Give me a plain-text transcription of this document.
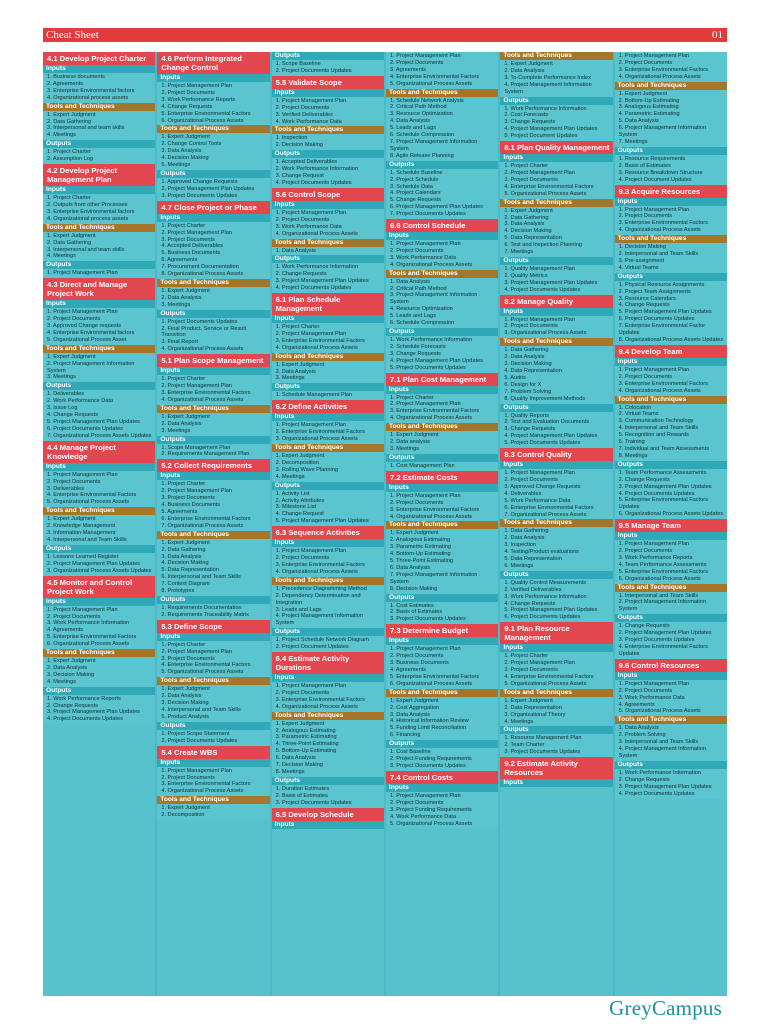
Cheat Sheet	01
4.1 Develop Project Charter
Inputs
1. Business documents
2. Agreements
3. Enterprise Environmental factors
4. Organizational process assets
Tools and Techniques
1. Expert Judgment
2. Data Gathering
3. Interpersonal and team skills
4. Meetings
Outputs
1. Project Charter
2. Assumption Log
4.2 Develop Project Management Plan
Inputs
1. Project Charter
2. Outputs from other Processes
3. Enterprise Environmental factors
4. Organizational process assets
Tools and Techniques
1. Expert Judgment
2. Data Gathering
3. Interpersonal and team skills
4. Meetings
Outputs
1. Project Management Plan
4.3 Direct and Manage Project Work
Inputs
1. Project Management Plan
2. Project Documents
3. Approved Change requests
4. Enterprise Environmental factors
5. Organizational Process Asset
Tools and Techniques
1. Expert Judgment
2. Project Management Information System
3. Meetings
Outputs
1. Deliverables
2. Work Performance Data
3. Issue Log
4. Change Requests
5. Project Management Plan Updates
6. Project Documents Updates
7. Organizational Process Assets Updates
4.4 Manage Project Knowledge
Inputs
1. Project Management Plan
2. Project Documents
3. Deliverables
4. Enterprise Environmental Factors
5. Organizational Process Assets
Tools and Techniques
1. Expert Judgment
2. Knowledge Management
3. Information Management
4. Interpersonal and Team Skills
Outputs
1. Lessons Learned Register
2. Project Management Plan Updates
3. Organizational Process Assets Updates
4.5 Monitor and Control Project Work
Inputs
1. Project Management Plan
2. Project Documents
3. Work Performance Information
4. Agreements
5. Enterprise Environmental Factors
6. Organizational Process Assets
Tools and Techniques
1. Expert Judgment
2. Data Analysis
3. Decision Making
4. Meetings
Outputs
1. Work Performance Reports
2. Change Requests
3. Project Management Plan Updates
4. Project Documents Updates
4.6 Perform Integrated Change Control
Inputs
1. Project Management Plan
2. Project Documents
3. Work Performance Reports
4. Change Requests
5. Enterprise Environmental Factors
6. Organizational Process Assets
Tools and Techniques
1. Expert Judgment
2. Change Control Tools
3. Data Analysis
4. Decision Making
5. Meetings
Outputs
1. Approved Change Requests
2. Project Management Plan Updates
3. Project Documents Updates
4.7 Close Project or Phase
Inputs
1. Project Charter
2. Project Management Plan
3. Project Documents
4. Accepted Deliverables
5. Business Documents
6. Agreements
7. Procurement Documentation
8. Organizational Process Assets
Tools and Techniques
1. Expert Judgment
2. Data Analysis
3. Meetings
Outputs
1. Project Documents Updates
2. Final Product, Service or Result Transition
3. Final Report
4. Organizational Process Assets
5.1 Plan Scope Management
Inputs
1. Project Charter
2. Project Management Plan
3. Enterprise Environmental Factors
4. Organizational Process Assets
Tools and Techniques
1. Expert Judgment
2. Data Analysis
3. Meetings
Outputs
1. Scope Management Plan
2. Requirements Management Plan
5.2 Collect Requirements
Inputs
1. Project Charter
2. Project Management Plan
3. Project Documents
4. Business Documents
5. Agreements
6. Enterprise Environmental Factors
7. Organizational Process Assets
Tools and Techniques
1. Expert Judgment
2. Data Gathering
3. Data Analysis
4. Decision Making
5. Data Representation
6. Interpersonal and Team Skills
7. Context Diagram
8. Prototypes
Outputs
1. Requirements Documentation
2. Requirements Traceability Matrix
5.3 Define Scope
Inputs
1. Project Charter
2. Project Management Plan
3. Project Documents
4. Enterprise Environmental Factors
5. Organizational Process Assets
Tools and Techniques
1. Expert Judgment
2. Data Analysis
3. Decision Making
4. Interpersonal and Team Skills
5. Product Analysis
Outputs
1. Project Scope Statement
2. Project Documents Updates
5.4 Create WBS
Inputs
1. Project Management Plan
2. Project Documents
3. Enterprise Environmental Factors
4. Organizational Process Assets
Tools and Techniques
1. Expert Judgment
2. Decomposition
Outputs
1. Scope Baseline
2. Project Documents Updates
5.5 Validate Scope
Inputs
1. Project Management Plan
2. Project Documents
3. Verified Deliverables
4. Work Performance Data
Tools and Techniques
1. Inspection
2. Decision Making
Outputs
1. Accepted Deliverables
2. Work Performance Information
3. Change Request
4. Project Documents Updates
5.6 Control Scope
Inputs
1. Project Management Plan
2. Project Documents
3. Work Performance Data
4. Organizational Process Assets
Tools and Techniques
1. Data Analysis
Outputs
1. Work Performance Information
2. Change Requests
3. Project Management Plan Updates
4. Project Documents Updates
6.1 Plan Schedule Management
Inputs
1. Project Charter
2. Project Management Plan
3. Enterprise Environmental Factors
4. Organizational Process Assets
Tools and Techniques
1. Expert Judgment
2. Data Analysis
3. Meetings
Outputs
1. Schedule Management Plan
6.2 Define Activities
Inputs
1. Project Management Plan
2. Enterprise Environmental Factors
3. Organizational Process Assets
Tools and Techniques
1. Expert Judgment
2. Decomposition
3. Rolling Wave Planning
4. Meetings
Outputs
1. Activity List
2. Activity Attributes
3. Milestone List
4. Change Request
5. Project Management Plan Updates
6.3 Sequence Activities
Inputs
1. Project Management Plan
2. Project Documents
3. Enterprise Environmental Factors
4. Organizational Process Assets
Tools and Techniques
1. Precedence Diagramming Method
2. Dependency Determination and Integration
3. Leads and Lags
4. Project Management Information System
Outputs
1. Project Schedule Network Diagram
2. Project Document Updates
6.4 Estimate Activity Durations
Inputs
1. Project Management Plan
2. Project Documents
3. Enterprise Environmental Factors
4. Organizational Process Assets
Tools and Techniques
1. Expert Judgment
2. Analogous Estimating
3. Parametric Estimating
4. Three-Point Estimating
5. Bottom-Up Estimating
6. Data Analysis
7. Decision Making
8. Meetings
Outputs
1. Duration Estimates
2. Basis of Estimates
3. Project Documents Updates
6.5 Develop Schedule
Inputs
1. Project Management Plan
2. Project Documents
3. Agreements
4. Enterprise Environmental Factors
5. Organizational Process Assets
Tools and Techniques
1. Schedule Network Analysis
2. Critical Path Method
3. Resource Optimization
4. Data Analysis
5. Leads and Lags
6. Schedule Compression
7. Project Management Information System
8. Agile Release Planning
Outputs
1. Schedule Baseline
2. Project Schedule
3. Schedule Data
4. Project Calendars
5. Change Requests
6. Project Management Plan Updates
7. Project Documents Updates
6.6 Control Schedule
Inputs
1. Project Management Plan
2. Project Documents
3. Work Performance Data
4. Organizational Process Assets
Tools and Techniques
1. Data Analysis
2. Critical Path Method
3. Project Management Information System
4. Resource Optimization
5. Leads and Lags
6. Schedule Compression
Outputs
1. Work Performance Information
2. Schedule Forecasts
3. Change Requests
4. Project Management Plan Updates
5. Project Documents Updates
7.1 Plan Cost Management
Inputs
1. Project Charter
2. Project Management Plan
3. Enterprise Environmental Factors
4. Organizational Process Assets
Tools and Techniques
1. Expert Judgment
2. Data analysis
3. Meetings
Outputs
1. Cost Management Plan
7.2 Estimate Costs
Inputs
1. Project Management Plan
2. Project Documents
3. Enterprise Environmental Factors
4. Organizational Process Assets
Tools and Techniques
1. Expert Judgment
2. Analogous Estimating
3. Parametric Estimating
4. Bottom-Up Estimating
5. Three-Point Estimating
6. Data Analysis
7. Project Management Information System
8. Decision Making
Outputs
1. Cost Estimates
2. Basis of Estimates
3. Project Documents Updates
7.3 Determine Budget
Inputs
1. Project Management Plan
2. Project Documents
3. Business Documents
4. Agreements
5. Enterprise Environmental Factors
6. Organizational Process Assets
Tools and Techniques
1. Expert Judgment
2. Cost Aggregation
3. Data Analysis
4. Historical Information Review
5. Funding Limit Reconciliation
6. Financing
Outputs
1. Cost Baseline
2. Project Funding Requirements
3. Project Documents Updates
7.4 Control Costs
Inputs
1. Project Management Plan
2. Project Documents
3. Project Funding Requirements
4. Work Performance Data
5. Organizational Process Assets
Tools and Techniques
1. Expert Judgment
2. Data Analysis
3. To-Complete Performance Index
4. Project Management Information System
Outputs
1. Work Performance Information
2. Cost Forecasts
3. Change Requests
4. Project Management Plan Updates
5. Project Document Updates
8.1 Plan Quality Management
Inputs
1. Project Charter
2. Project Management Plan
3. Project Documents
4. Enterprise Environmental Factors
5. Organizational Process Assets
Tools and Techniques
1. Expert Judgment
2. Data Gathering
3. Data Analysis
4. Decision Making
5. Data Representation
6. Test and Inspection Planning
7. Meetings
Outputs
1. Quality Management Plan
2. Quality Metrics
3. Project Management Plan Updates
4. Project Documents Updates
8.2 Manage Quality
Inputs
1. Project Management Plan
2. Project Documents
3. Organizational Process Assets
Tools and Techniques
1. Data Gathering
2. Data Analysis
3. Decision Making
4. Data Representation
5. Audits
6. Design for X
7. Problem Solving
8. Quality Improvement Methods
Outputs
1. Quality Reports
2. Test and Evaluation Documents
3. Change Requests
4. Project Management Plan Updates
5. Project Documents Updates
8.3 Control Quality
Inputs
1. Project Management Plan
2. Project Documents
3. Approved Change Requests
4. Deliverables
5. Work Performance Data
6. Enterprise Environmental Factors
7. Organizational Process Assets
Tools and Techniques
1. Data Gathering
2. Data Analysis
3. Inspection
4. Testing/Product evaluations
5. Data Representation
6. Meetings
Outputs
1. Quality Control Measurements
2. Verified Deliverables
3. Work Performance Information
4. Change Requests
5. Project Management Plan Updates
6. Project Documents Updates
9.1 Plan Resource Management
Inputs
1. Project Charter
2. Project Management Plan
3. Project Documents
4. Enterprise Environmental Factors
5. Organizational Process Assets
Tools and Techniques
1. Expert Judgment
2. Data Representation
3. Organizational Theory
4. Meetings
Outputs
1. Resource Management Plan
2. Team Charter
3. Project Documents Updates
9.2 Estimate Activity Resources
Inputs
1. Project Management Plan
2. Project Documents
3. Enterprise Environmental Factors
4. Organizational Process Assets
Tools and Techniques
1. Expert Judgment
2. Bottom-Up Estimating
3. Analogous Estimating
4. Parametric Estimating
5. Data Analysis
6. Project Management Information System
7. Meetings
Outputs
1. Resource Requirements
2. Basis of Estimates
3. Resource Breakdown Structure
4. Project Document Updates
9.3 Acquire Resources
Inputs
1. Project Management Plan
2. Project Documents
3. Enterprise Environmental Factors
4. Organizational Process Assets
Tools and Techniques
1. Decision Making
2. Interpersonal and Team Skills
3. Pre-assignment
4. Virtual Teams
Outputs
1. Physical Resource Assignments
2. Project Team Assignments
3. Resource Calendars
4. Change Requests
5. Project Management Plan Updates
6. Project Documents Updates
7. Enterprise Environmental Factor Updates
8. Organizational Process Assets Updates
9.4 Develop Team
Inputs
1. Project Management Plan
2. Project Documents
3. Enterprise Environmental Factors
4. Organizational Process Assets
Tools and Techniques
1. Colocation
2. Virtual Teams
3. Communication Technology
4. Interpersonal and Team Skills
5. Recognition and Rewards
6. Training
7. Individual and Team Assessments
8. Meetings
Outputs
1. Team Performance Assessments
2. Change Requests
3. Project Management Plan Updates
4. Project Documents Updates
5. Enterprise Environmental Factors Updates
6. Organizational Process Assets Updates
9.5 Manage Team
Inputs
1. Project Management Plan
2. Project Documents
3. Work Performance Reports
4. Team Performance Assessments
5. Enterprise Environmental Factors
6. Organizational Process Assets
Tools and Techniques
1. Interpersonal and Team Skills
2. Project Management Information System
Outputs
1. Change Requests
2. Project Management Plan Updates
3. Project Documents Updates
4. Enterprise Environmental Factors Updates
9.6 Control Resources
Inputs
1. Project Management Plan
2. Project Documents
3. Work Performance Data
4. Agreements
5. Organizational Process Assets
Tools and Techniques
1. Data Analysis
2. Problem Solving
3. Interpersonal and Team Skills
4. Project Management Information System
Outputs
1. Work Performance Information
2. Change Requests
3. Project Management Plan Updates
4. Project Documents Updates
GreyCampus
